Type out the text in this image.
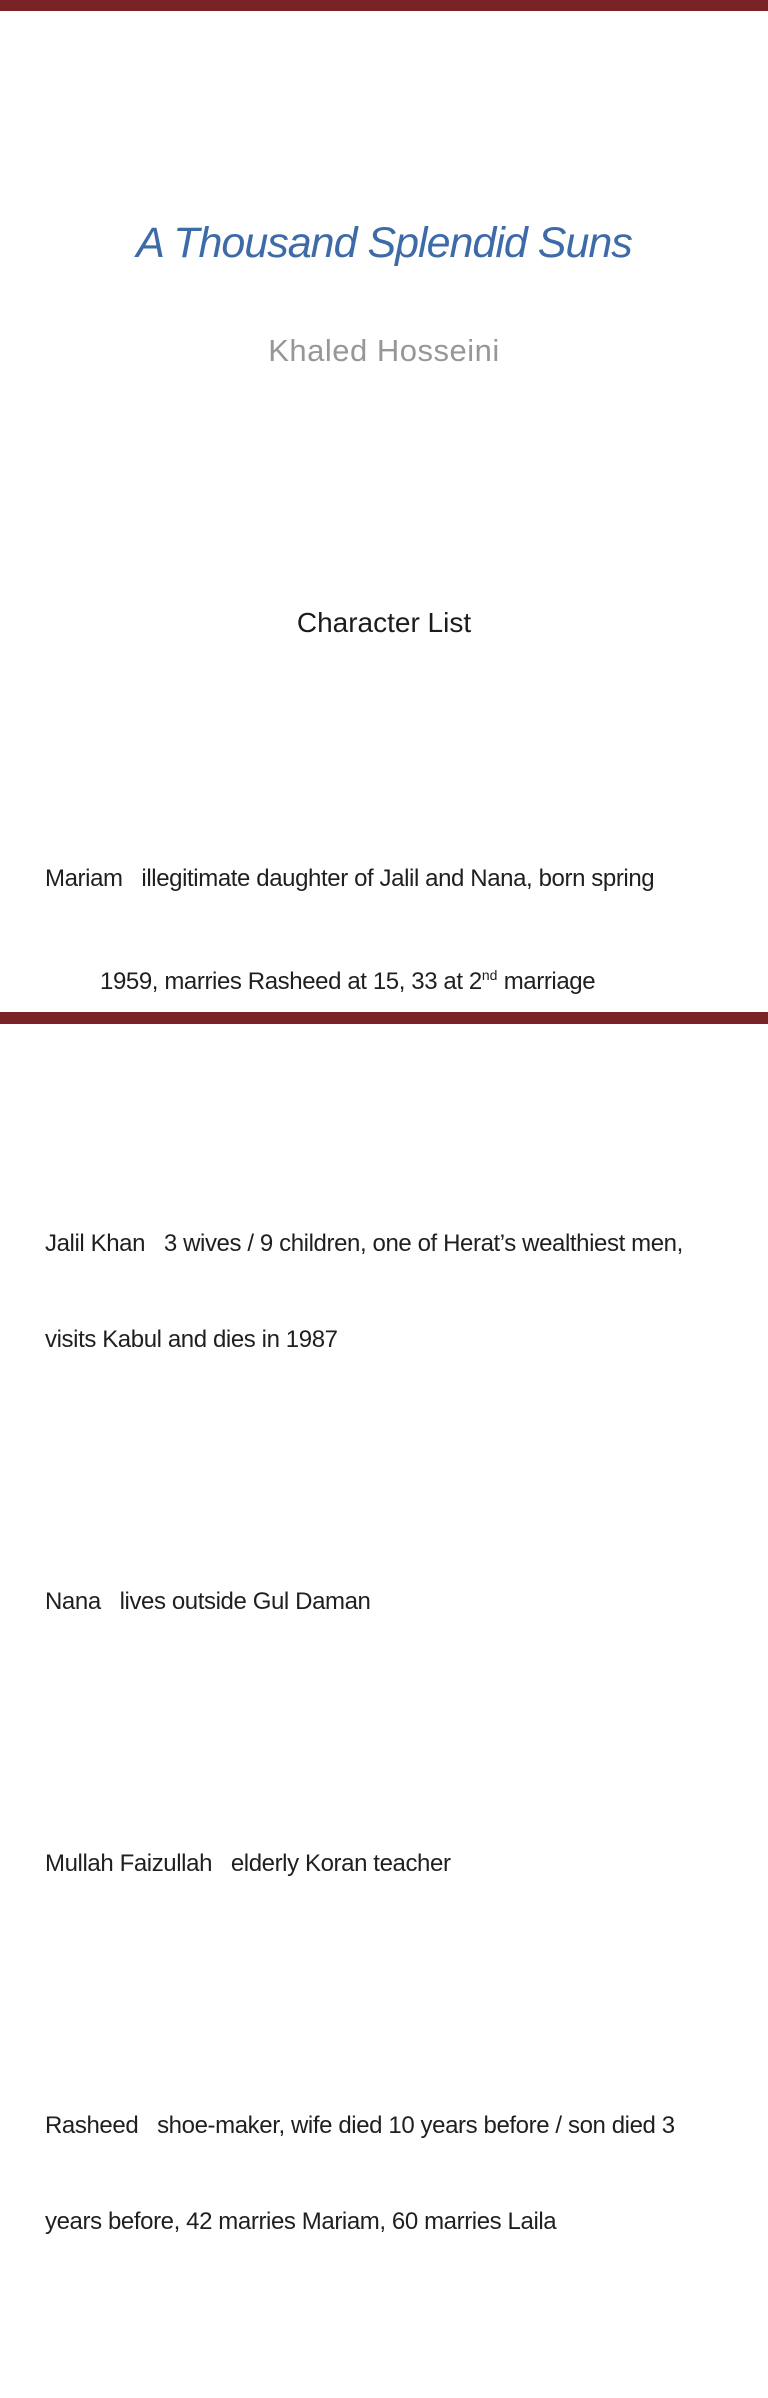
A Thousand Splendid Suns
Khaled Hosseini
Character List

Mariam   illegitimate daughter of Jalil and Nana, born spring

1959, marries Rasheed at 15, 33 at 2nd marriage

Jalil Khan   3 wives / 9 children, one of Herat’s wealthiest men,

visits Kabul and dies in 1987

Nana   lives outside Gul Daman

Mullah Faizullah   elderly Koran teacher

Rasheed   shoe-maker, wife died 10 years before / son died 3

years before, 42 marries Mariam, 60 marries Laila
